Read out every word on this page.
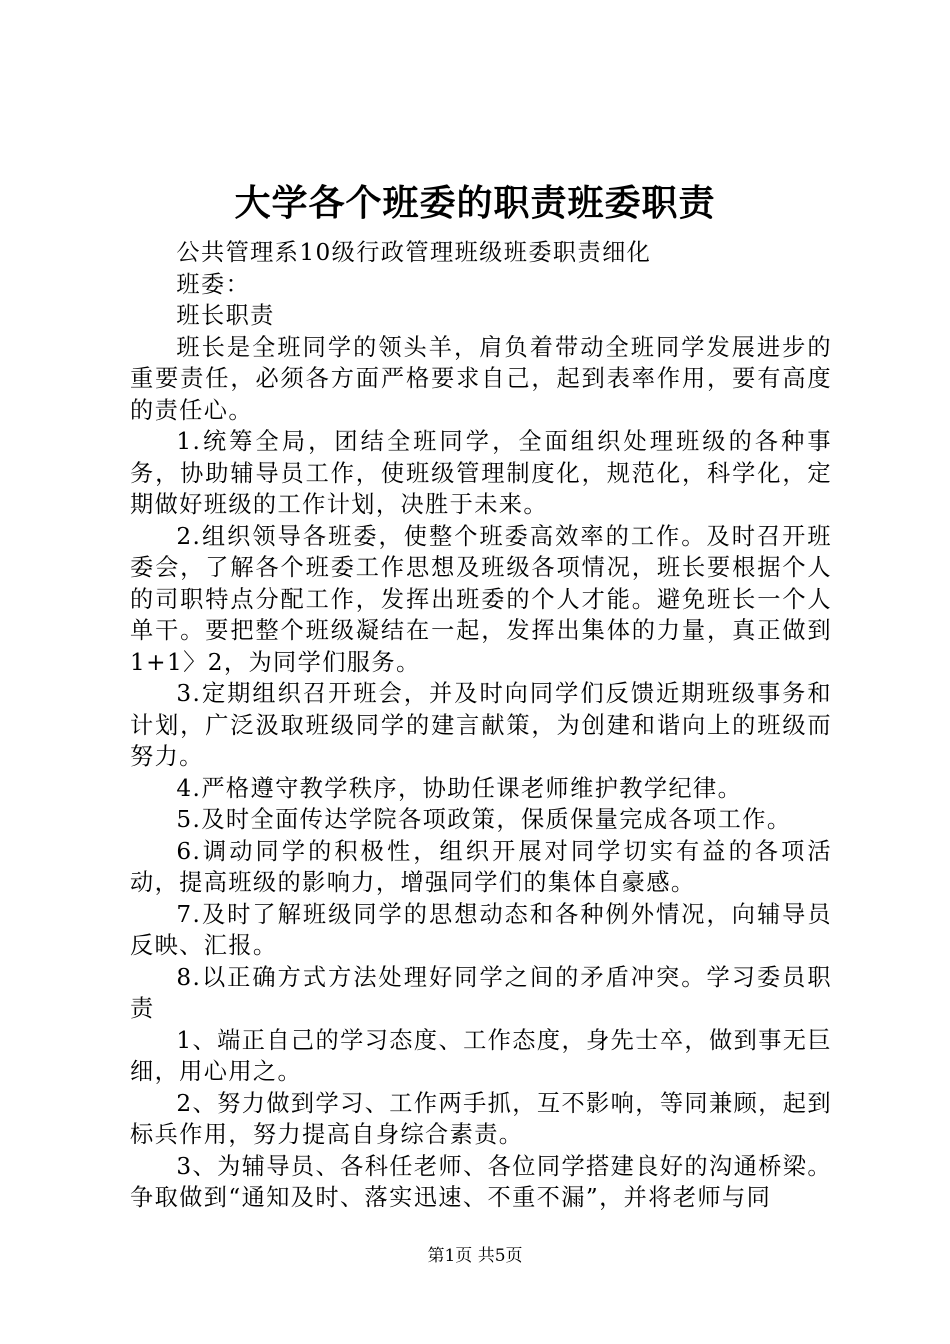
大学各个班委的职责班委职责

公共管理系10级行政管理班级班委职责细化

班委：

班长职责

班长是全班同学的领头羊，肩负着带动全班同学发展进步的重要责任，必须各方面严格要求自己，起到表率作用，要有高度的责任心。

1.统筹全局，团结全班同学，全面组织处理班级的各种事务，协助辅导员工作，使班级管理制度化，规范化，科学化，定期做好班级的工作计划，决胜于未来。

2.组织领导各班委，使整个班委高效率的工作。及时召开班委会，了解各个班委工作思想及班级各项情况，班长要根据个人的司职特点分配工作，发挥出班委的个人才能。避免班长一个人单干。要把整个班级凝结在一起，发挥出集体的力量，真正做到1+1〉2，为同学们服务。

3.定期组织召开班会，并及时向同学们反馈近期班级事务和计划，广泛汲取班级同学的建言献策，为创建和谐向上的班级而努力。

4.严格遵守教学秩序，协助任课老师维护教学纪律。

5.及时全面传达学院各项政策，保质保量完成各项工作。

6.调动同学的积极性，组织开展对同学切实有益的各项活动，提高班级的影响力，增强同学们的集体自豪感。

7.及时了解班级同学的思想动态和各种例外情况，向辅导员反映、汇报。

8.以正确方式方法处理好同学之间的矛盾冲突。学习委员职责

1、端正自己的学习态度、工作态度，身先士卒，做到事无巨细，用心用之。

2、努力做到学习、工作两手抓，互不影响，等同兼顾，起到标兵作用，努力提高自身综合素责。

3、为辅导员、各科任老师、各位同学搭建良好的沟通桥梁。争取做到“通知及时、落实迅速、不重不漏”，并将老师与同

第1页 共5页
